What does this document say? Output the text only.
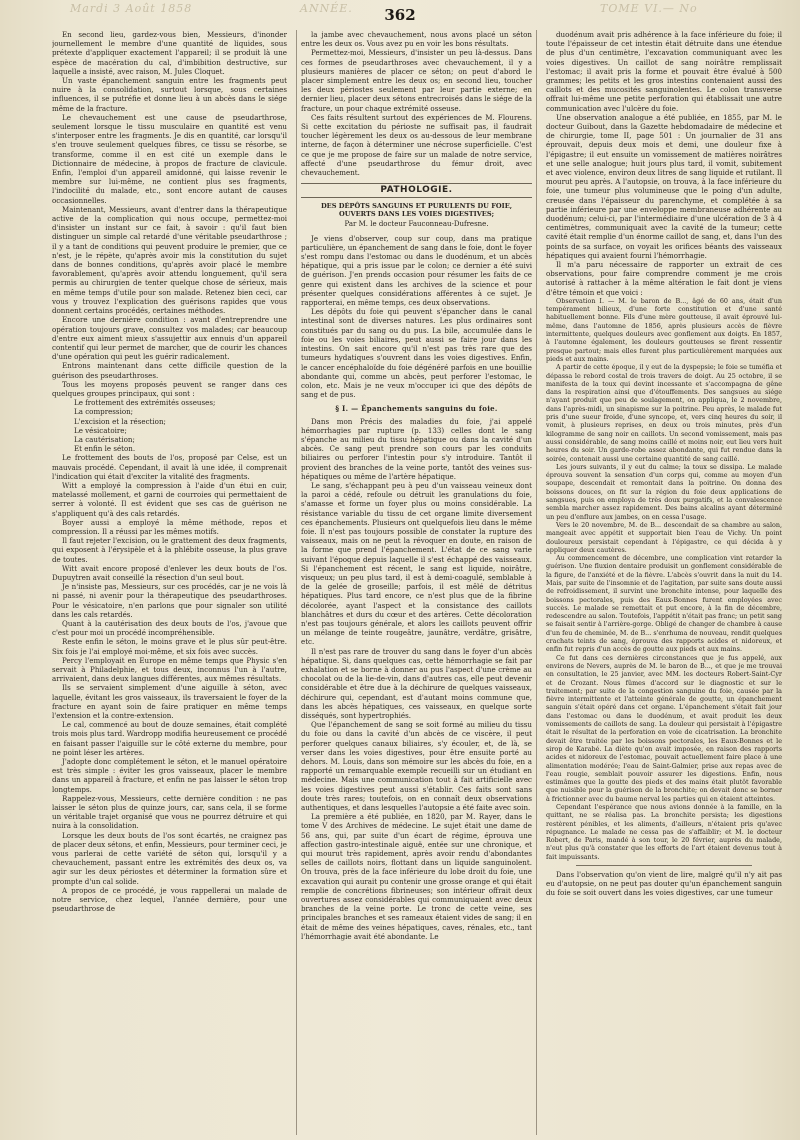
Mardi 3 Août 1858	ANNÉE.	TOME VI.— No
362

En second lieu, gardez-vous bien, Messieurs, d'inonder journellement le membre d'une quantité de liquides, sous prétexte d'appliquer exactement l'appareil; il se produit là une espèce de macération du cal, d'imbibition destructive, sur laquelle a insisté, avec raison, M. Jules Cloquet.

Un vaste épanchement sanguin entre les fragments peut nuire à la consolidation, surtout lorsque, sous certaines influences, il se putréfie et donne lieu à un abcès dans le siége même de la fracture.

Le chevauchement est une cause de pseudarthrose, seulement lorsque le tissu musculaire en quantité est venu s'interposer entre les fragments. Je dis en quantité, car lorsqu'il s'en trouve seulement quelques fibres, ce tissu se résorbe, se transforme, comme il en est cité un exemple dans le Dictionnaire de médecine, à propos de fracture de clavicule. Enfin, l'emploi d'un appareil amidonné, qui laisse revenir le membre sur lui-même, ne contient plus ses fragments, l'indocilité du malade, etc., sont encore autant de causes occasionnelles.

Maintenant, Messieurs, avant d'entrer dans la thérapeutique active de la complication qui nous occupe, permettez-moi d'insister un instant sur ce fait, à savoir : qu'il faut bien distinguer un simple cal retardé d'une véritable pseudarthrose ; il y a tant de conditions qui peuvent produire le premier, que ce n'est, je le répète, qu'après avoir mis la constitution du sujet dans de bonnes conditions, qu'après avoir placé le membre favorablement, qu'après avoir attendu longuement, qu'il sera permis au chirurgien de tenter quelque chose de sérieux, mais en même temps d'utile pour son malade. Retenez bien ceci, car vous y trouvez l'explication des guérisons rapides que vous donnent certains procédés, certaines méthodes.

Encore une dernière condition : avant d'entreprendre une opération toujours grave, consultez vos malades; car beaucoup d'entre eux aiment mieux s'assujettir aux ennuis d'un appareil contentif qui leur permet de marcher, que de courir les chances d'une opération qui peut les guérir radicalement.

Entrons maintenant dans cette difficile question de la guérison des pseudarthroses.

Tous les moyens proposés peuvent se ranger dans ces quelques groupes principaux, qui sont :

Le frottement des extrémités osseuses;

La compression;

L'excision et la résection;

Le vésicatoire;

La cautérisation;

Et enfin le séton.

Le frottement des bouts de l'os, proposé par Celse, est un mauvais procédé. Cependant, il avait là une idée, il comprenait l'indication qui était d'exciter la vitalité des fragments.

Witt a employé la compression à l'aide d'un étui en cuir, matelassé mollement, et garni de courroies qui permettaient de serrer à volonté. Il est évident que ses cas de guérison ne s'appliquent qu'à des cals retardés.

Boyer aussi a employé la même méthode, repos et compression. Il a réussi par les mêmes motifs.

Il faut rejeter l'excision, ou le grattement des deux fragments, qui exposent à l'érysipèle et à la phlébite osseuse, la plus grave de toutes.

Witt avait encore proposé d'enlever les deux bouts de l'os. Dupuytren avait conseillé la résection d'un seul bout.

Je n'insiste pas, Messieurs, sur ces procédés, car je ne vois là ni passé, ni avenir pour la thérapeutique des pseudarthroses. Pour le vésicatoire, n'en parlons que pour signaler son utilité dans les cals retardés.

Quant à la cautérisation des deux bouts de l'os, j'avoue que c'est pour moi un procédé incompréhensible.

Reste enfin le séton, le moins grave et le plus sûr peut-être. Six fois je l'ai employé moi-même, et six fois avec succès.

Percy l'employait en Europe en même temps que Physic s'en servait à Philadelphie, et tous deux, inconnus l'un à l'autre, arrivaient, dans deux langues différentes, aux mêmes résultats.

Ils se servaient simplement d'une aiguille à séton, avec laquelle, évitant les gros vaisseaux, ils traversaient le foyer de la fracture en ayant soin de faire pratiquer en même temps l'extension et la contre-extension.

Le cal, commencé au bout de douze semaines, était complété trois mois plus tard. Wardropp modifia heureusement ce procédé en faisant passer l'aiguille sur le côté externe du membre, pour ne point léser les artères.

J'adopte donc complétement le séton, et le manuel opératoire est très simple : éviter les gros vaisseaux, placer le membre dans un appareil à fracture, et enfin ne pas laisser le séton trop longtemps.

Rappelez-vous, Messieurs, cette dernière condition : ne pas laisser le séton plus de quinze jours, car, sans cela, il se forme un véritable trajet organisé que vous ne pourrez détruire et qui nuira à la consolidation.

Lorsque les deux bouts de l'os sont écartés, ne craignez pas de placer deux sétons, et enfin, Messieurs, pour terminer ceci, je vous parlerai de cette variété de séton qui, lorsqu'il y a chevauchement, passant entre les extrémités des deux os, va agir sur les deux périostes et déterminer la formation sûre et prompte d'un cal solide.

A propos de ce procédé, je vous rappellerai un malade de notre service, chez lequel, l'année dernière, pour une pseudarthrose de

la jambe avec chevauchement, nous avons placé un séton entre les deux os. Vous avez pu en voir les bons résultats.

Permettez-moi, Messieurs, d'insister un peu là-dessus. Dans ces formes de pseudarthroses avec chevauchement, il y a plusieurs manières de placer ce séton; on peut d'abord le placer simplement entre les deux os; en second lieu, toucher les deux périostes seulement par leur partie externe; en dernier lieu, placer deux sétons entrecroisés dans le siége de la fracture, un pour chaque extrémité osseuse.

Ces faits résultent surtout des expériences de M. Flourens. Si cette excitation du périoste ne suffisait pas, il faudrait toucher légèrement les deux os au-dessous de leur membrane interne, de façon à déterminer une nécrose superficielle. C'est ce que je me propose de faire sur un malade de notre service, affecté d'une pseudarthrose du fémur droit, avec chevauchement.

PATHOLOGIE.
DES DÉPÔTS SANGUINS ET PURULENTS DU FOIE, OUVERTS DANS LES VOIES DIGESTIVES;
Par M. le docteur Fauconneau-Dufresne.

Je viens d'observer, coup sur coup, dans ma pratique particulière, un épanchement de sang dans le foie, dont le foyer s'est rompu dans l'estomac ou dans le duodénum, et un abcès hépatique, qui a pris issue par le colon; ce dernier a été suivi de guérison. J'en prends occasion pour résumer les faits de ce genre qui existent dans les archives de la science et pour présenter quelques considérations afférentes à ce sujet. Je rapporterai, en même temps, ces deux observations.

Les dépôts du foie qui peuvent s'épancher dans le canal intestinal sont de diverses natures. Les plus ordinaires sont constitués par du sang ou du pus. La bile, accumulée dans le foie ou les voies biliaires, peut aussi se faire jour dans les intestins. On sait encore qu'il n'est pas très rare que des tumeurs hydatiques s'ouvrent dans les voies digestives. Enfin, le cancer encéphaloïde du foie dégénéré parfois en une bouillie abondante qui, comme un abcès, peut perforer l'estomac, le colon, etc. Mais je ne veux m'occuper ici que des dépôts de sang et de pus.

§ I. — Épanchements sanguins du foie.

Dans mon Précis des maladies du foie, j'ai appelé hémorrhagies par rupture (p. 133) celles dont le sang s'épanche au milieu du tissu hépatique ou dans la cavité d'un abcès. Ce sang peut prendre son cours par les conduits biliaires ou perforer l'intestin pour s'y introduire. Tantôt il provient des branches de la veine porte, tantôt des veines sus-hépatiques ou même de l'artère hépatique.

Le sang, s'échappant peu à peu d'un vaisseau veineux dont la paroi a cédé, refoule ou détruit les granulations du foie, s'amasse et forme un foyer plus ou moins considérable. La résistance variable du tissu de cet organe limite diversement ces épanchements. Plusieurs ont quelquefois lieu dans le même foie. Il n'est pas toujours possible de constater la rupture des vaisseaux, mais on ne peut la révoquer en doute, en raison de la forme que prend l'épanchement. L'état de ce sang varie suivant l'époque depuis laquelle il s'est échappé des vaisseaux. Si l'épanchement est récent, le sang est liquide, noirâtre, visqueux; un peu plus tard, il est à demi-coagulé, semblable à de la gelée de groseille; parfois, il est mêlé de détritus hépatiques. Plus tard encore, ce n'est plus que de la fibrine décolorée, ayant l'aspect et la consistance des caillots blanchâtres et durs du cœur et des artères. Cette décoloration n'est pas toujours générale, et alors les caillots peuvent offrir un mélange de teinte rougeâtre, jaunâtre, verdâtre, grisâtre, etc.

Il n'est pas rare de trouver du sang dans le foyer d'un abcès hépatique. Si, dans quelques cas, cette hémorrhagie se fait par exhalation et se borne à donner au pus l'aspect d'une crème au chocolat ou de la lie-de-vin, dans d'autres cas, elle peut devenir considérable et être due à la déchirure de quelques vaisseaux, déchirure qui, cependant, est d'autant moins commune que, dans les abcès hépatiques, ces vaisseaux, en quelque sorte disséqués, sont hypertrophiés.

Que l'épanchement de sang se soit formé au milieu du tissu du foie ou dans la cavité d'un abcès de ce viscère, il peut perforer quelques canaux biliaires, s'y écouler, et, de là, se verser dans les voies digestives, pour être ensuite porté au dehors. M. Louis, dans son mémoire sur les abcès du foie, en a rapporté un remarquable exemple recueilli sur un étudiant en médecine. Mais une communication tout à fait artificielle avec les voies digestives peut aussi s'établir. Ces faits sont sans doute très rares; toutefois, on en connaît deux observations authentiques, et dans lesquelles l'autopsie a été faite avec soin.

La première a été publiée, en 1820, par M. Rayer, dans le tome V des Archives de médecine. Le sujet était une dame de 56 ans, qui, par suite d'un écart de régime, éprouva une affection gastro-intestinale aiguë, entée sur une chronique, et qui mourut très rapidement, après avoir rendu d'abondantes selles de caillots noirs, flottant dans un liquide sanguinolent. On trouva, près de la face inférieure du lobe droit du foie, une excavation qui aurait pu contenir une grosse orange et qui était remplie de concrétions fibrineuses; son intérieur offrait deux ouvertures assez considérables qui communiquaient avec deux branches de la veine porte. Le tronc de cette veine, ses principales branches et ses rameaux étaient vides de sang; il en était de même des veines hépatiques, caves, rénales, etc., tant l'hémorrhagie avait été abondante. Le

duodénum avait pris adhérence à la face inférieure du foie; il toute l'épaisseur de cet intestin était détruite dans une étendue de plus d'un centimètre, l'excavation communiquant avec les voies digestives. Un caillot de sang noirâtre remplissait l'estomac; il avait pris la forme et pouvait être évalué à 500 grammes; les petits et les gros intestins contenaient aussi des caillots et des mucosités sanguinolentes. Le colon transverse offrait lui-même une petite perforation qui établissait une autre communication avec l'ulcère du foie.

Une observation analogue a été publiée, en 1855, par M. le docteur Guibout, dans la Gazette hebdomadaire de médecine et de chirurgie, tome II, page 501 : Un journalier de 31 ans éprouvait, depuis deux mois et demi, une douleur fixe à l'épigastre; il eut ensuite un vomissement de matières noirâtres et une selle analogue; huit jours plus tard, il vomit, subitement et avec violence, environ deux litres de sang liquide et rutilant. Il mourut peu après. A l'autopsie, on trouva, à la face inférieure du foie, une tumeur plus volumineuse que le poing d'un adulte, creusée dans l'épaisseur du parenchyme, et complétée à sa partie inférieure par une enveloppe membraneuse adhérente au duodénum; celui-ci, par l'intermédiaire d'une ulcération de 3 à 4 centimètres, communiquait avec la cavité de la tumeur; cette cavité était remplie d'un énorme caillot de sang, et, dans l'un des points de sa surface, on voyait les orifices béants des vaisseaux hépatiques qui avaient fourni l'hémorrhagie.

Il m'a paru nécessaire de rapporter un extrait de ces observations, pour faire comprendre comment je me crois autorisé à rattacher à la même altération le fait dont je viens d'être témoin et que voici :

Observation I. — M. le baron de B..., âgé de 60 ans, était d'un tempérament bilieux, d'une forte constitution et d'une santé habituellement bonne. Fils d'une mère goutteuse, il avait éprouvé lui-même, dans l'automne de 1856, après plusieurs accès de fièvre intermittente, quelques douleurs avec gonflement aux doigts. En 1857, à l'automne également, les douleurs goutteuses se firent ressentir presque partout; mais elles furent plus particulièrement marquées aux pieds et aux mains.

A partir de cette époque, il y eut de la dyspepsie; le foie se tuméfia et dépassa le rebord costal de trois travers de doigt. Au 25 octobre, il se manifesta de la toux qui devint incessante et s'accompagna de gêne dans la respiration ainsi que d'étouffements. Des sangsues au siége n'ayant produit que peu de soulagement, on appliqua, le 2 novembre, dans l'après-midi, un sinapisme sur la poitrine. Peu après, le malade fut pris d'une sueur froide, d'une syncope, et, vers cinq heures du soir, il vomit, à plusieurs reprises, en deux ou trois minutes, près d'un kilogramme de sang noir en caillots. Un second vomissement, mais pas aussi considérable, de sang moins caillé et moins noir, eut lieu vers huit heures du soir. Un garde-robe assez abondante, qui fut rendue dans la soirée, contenait aussi une certaine quantité de sang caillé.

Les jours suivants, il y eut du calme; la toux se dissipa. Le malade éprouva souvent la sensation d'un corps qui, comme au moyen d'un soupape, descendait et remontait dans la poitrine. On donna des boissons douces, on fit sur la région du foie deux applications de sangsues, puis on employa de très doux purgatifs, et la convalescence sembla marcher assez rapidement. Des bains alcalins ayant déterminé un peu d'enflure aux jambes, on en cessa l'usage.

Vers le 20 novembre, M. de B... descendait de sa chambre au salon, mangeait avec appétit et supportait bien l'eau de Vichy. Un point douloureux persistait cependant à l'épigastre, ce qui décida à y appliquer deux cautères.

Au commencement de décembre, une complication vint retarder la guérison. Une fluxion dentaire produisit un gonflement considérable de la figure, de l'anxiété et de la fièvre. L'abcès s'ouvrit dans la nuit du 14. Mais, par suite de l'insomnie et de l'agitation, par suite sans doute aussi de refroidissement, il survint une bronchite intense, pour laquelle des boissons pectorales, puis des Eaux-Bonnes furent employées avec succès. Le malade se remettait et put encore, à la fin de décembre, redescendre au salon. Toutefois, l'appétit n'était pas franc; un petit sang se faisait sentir à l'arrière-gorge. Obligé de changer de chambre à cause d'un feu de cheminée, M. de B... s'enrhuma de nouveau, rendit quelques crachats teints de sang, éprouva des rapports acides et nidoreux, et enfin fut repris d'un accès de goutte aux pieds et aux mains.

Ce fut dans ces dernières circonstances que je fus appelé, aux environs de Nevers, auprès de M. le baron de B..., et que je me trouvai en consultation, le 25 janvier, avec MM. les docteurs Robert-Saint-Cyr et de Crozant. Nous fûmes d'accord sur le diagnostic et sur le traitement; par suite de la congestion sanguine du foie, causée par la fièvre intermittente et l'atteinte générale de goutte, un épanchement sanguin s'était opéré dans cet organe. L'épanchement s'était fait jour dans l'estomac ou dans le duodénum, et avait produit les deux vomissements de caillots de sang. La douleur qui persistait à l'épigastre était le résultat de la perforation en voie de cicatrisation. La bronchite devait être traitée par les boissons pectorales, les Eaux-Bonnes et le sirop de Karabé. La diète qu'on avait imposée, en raison des rapports acides et nidoreux de l'estomac, pouvait actuellement faire place à une alimentation modérée; l'eau de Saint-Galmier, prise aux repas avec de l'eau rougie, semblait pouvoir assurer les digestions. Enfin, nous estimâmes que la goutte des pieds et des mains était plutôt favorable que nuisible pour la guérison de la bronchite; on devait donc se borner à frictionner avec du baume nerval les parties qui en étaient atteintes.

Cependant l'espérance que nous avions donnée à la famille, en la quittant, ne se réalisa pas. La bronchite persista; les digestions restèrent pénibles, et les aliments, d'ailleurs, n'étaient pris qu'avec répugnance. Le malade ne cessa pas de s'affaiblir; et M. le docteur Robert, de Paris, mandé à son tour, le 20 février, auprès du malade, n'eut plus qu'à constater que les efforts de l'art étaient devenus tout à fait impuissants.

Dans l'observation qu'on vient de lire, malgré qu'il n'y ait pas eu d'autopsie, on ne peut pas douter qu'un épanchement sanguin du foie se soit ouvert dans les voies digestives, car une tumeur
